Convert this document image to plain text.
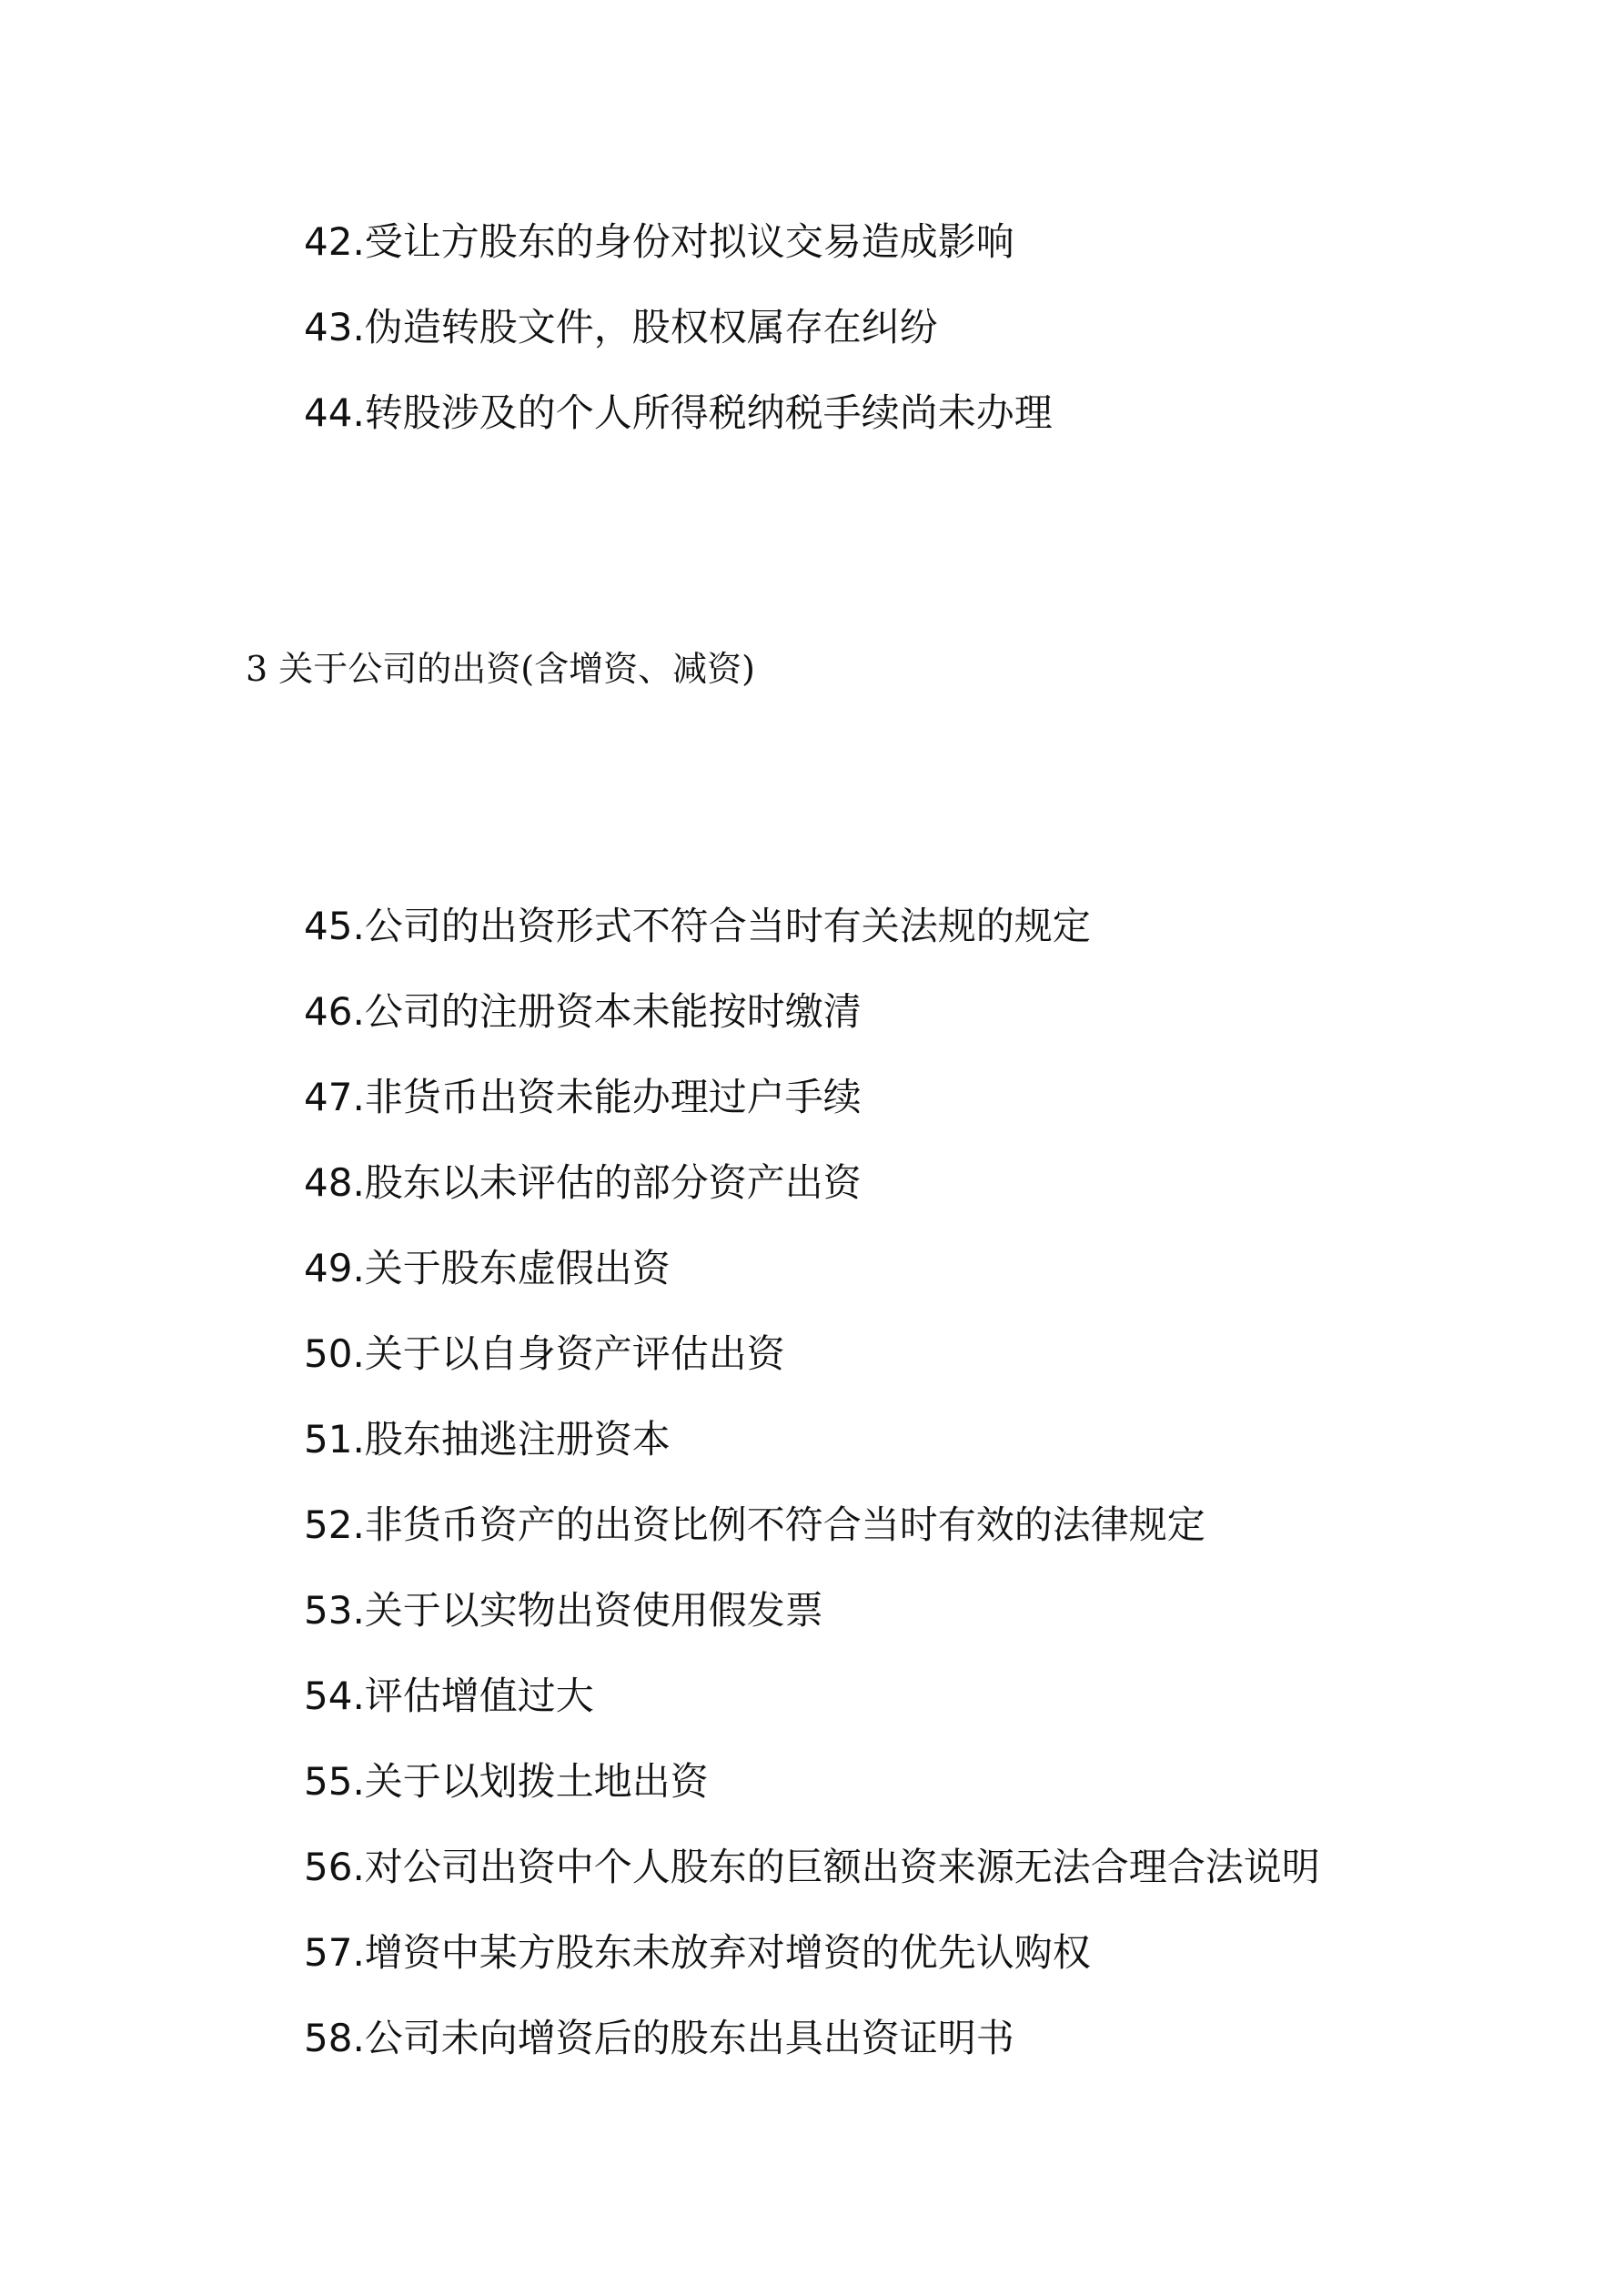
42.受让方股东的身份对拟议交易造成影响
43.伪造转股文件，股权权属存在纠纷
44.转股涉及的个人所得税纳税手续尚未办理
3 关于公司的出资(含增资、减资)
45.公司的出资形式不符合当时有关法规的规定
46.公司的注册资本未能按时缴清
47.非货币出资未能办理过户手续
48.股东以未评估的部分资产出资
49.关于股东虚假出资
50.关于以自身资产评估出资
51.股东抽逃注册资本
52.非货币资产的出资比例不符合当时有效的法律规定
53.关于以实物出资使用假发票
54.评估增值过大
55.关于以划拨土地出资
56.对公司出资中个人股东的巨额出资来源无法合理合法说明
57.增资中某方股东未放弃对增资的优先认购权
58.公司未向增资后的股东出具出资证明书
